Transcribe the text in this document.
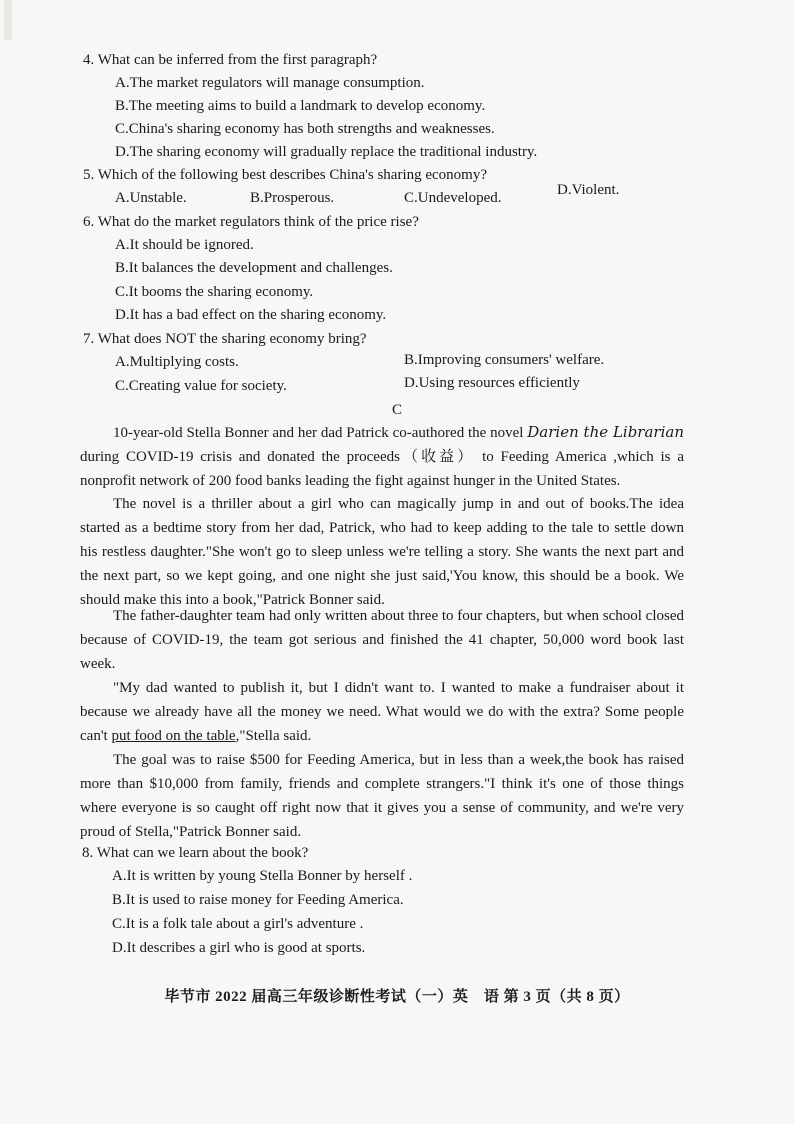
4. What can be inferred from the first paragraph?
A.The market regulators will manage consumption.
B.The meeting aims to build a landmark to develop economy.
C.China's sharing economy has both strengths and weaknesses.
D.The sharing economy will gradually replace the traditional industry.
5. Which of the following best describes China's sharing economy?
A.Unstable.	B.Prosperous.	C.Undeveloped.	D.Violent.
6. What do the market regulators think of the price rise?
A.It should be ignored.
B.It balances the development and challenges.
C.It booms the sharing economy.
D.It has a bad effect on the sharing economy.
7. What does NOT the sharing economy bring?
A.Multiplying costs.	B.Improving consumers' welfare.
C.Creating value for society.	D.Using resources efficiently
C
10-year-old Stella Bonner and her dad Patrick co-authored the novel Darien the Librarian during COVID-19 crisis and donated the proceeds（收益） to Feeding America ,which is a nonprofit network of 200 food banks leading the fight against hunger in the United States.
The novel is a thriller about a girl who can magically jump in and out of books.The idea started as a bedtime story from her dad, Patrick, who had to keep adding to the tale to settle down his restless daughter."She won't go to sleep unless we're telling a story. She wants the next part and the next part, so we kept going, and one night she just said,'You know, this should be a book. We should make this into a book,"Patrick Bonner said.
The father-daughter team had only written about three to four chapters, but when school closed because of COVID-19, the team got serious and finished the 41 chapter, 50,000 word book last week.
"My dad wanted to publish it, but I didn't want to. I wanted to make a fundraiser about it because we already have all the money we need. What would we do with the extra? Some people can't put food on the table,"Stella said.
The goal was to raise $500 for Feeding America, but in less than a week,the book has raised more than $10,000 from family, friends and complete strangers."I think it's one of those things where everyone is so caught off right now that it gives you a sense of community, and we're very proud of Stella,"Patrick Bonner said.
8. What can we learn about the book?
A.It is written by young Stella Bonner by herself .
B.It is used to raise money for Feeding America.
C.It is a folk tale about a girl's adventure .
D.It describes a girl who is good at sports.
毕节市 2022 届高三年级诊断性考试（一）英　语 第 3 页（共 8 页）
